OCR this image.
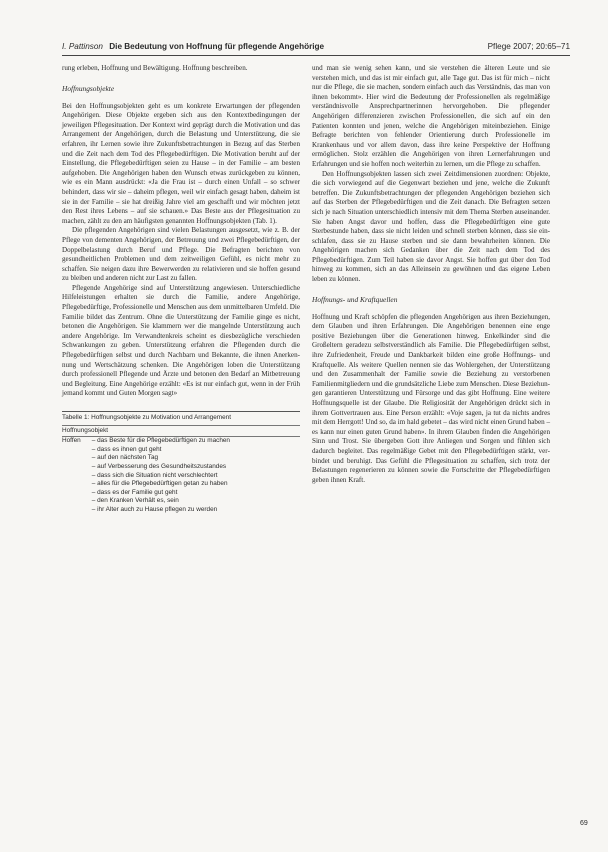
I. Pattinson Die Bedeutung von Hoffnung für pflegende Angehörige	Pflege 2007; 20:65–71

rung erleben, Hoffnung und Bewältigung. Hoffnung beschreiben.

Hoffnungsobjekte

Bei den Hoffnungsobjekten geht es um konkrete Erwartungen der pflegenden Angehörigen. Diese Objekte ergeben sich aus den Kontextbedingungen der jeweiligen Pflegesituation. Der Kontext wird geprägt durch die Motivation und das Arrangement der Angehörigen, durch die Belastung und Unterstützung, die sie erfahren, ihr Lernen sowie ihre Zukunftsbetrachtungen in Bezug auf das Sterben und die Zeit nach dem Tod des Pflegebedürftigen. Die Motivation beruht auf der Einstellung, die Pflegebedürftigen seien zu Hause – in der Familie – am besten aufgehoben. Die Angehörigen haben den Wunsch etwas zurückgeben zu können, wie es ein Mann ausdrückt: «Ja die Frau ist – durch einen Unfall – so schwer behindert, dass wir sie – daheim pflegen, weil wir einfach gesagt haben, daheim ist sie in der Familie – sie hat dreißig Jahre viel am geschafft und wir möchten jetzt den Rest ihres Lebens – auf sie schauen.» Das Beste aus der Pflegesituation zu machen, zählt zu den am häufigsten genannten Hoffnungsobjekten (Tab. 1).

Die pflegenden Angehörigen sind vielen Belastungen ausgesetzt, wie z. B. der Pflege von dementen Angehörigen, der Betreuung und zwei Pflegebedürftigen, der Doppelbelastung durch Beruf und Pflege. Die Befragten berichten von gesundheitlichen Problemen und dem zeitweiligen Gefühl, es nicht mehr zu schaffen. Sie neigen dazu ihre Bewerwerden zu relativieren und sie hoffen gesund zu bleiben und anderen nicht zur Last zu fallen.

Pflegende Angehörige sind auf Unterstützung angewiesen. Unterschiedliche Hilfeleistungen erhalten sie durch die Familie, andere Angehörige, Pflegebedürftige, Professionelle und Menschen aus dem unmittelbaren Umfeld. Die Familie bildet das Zentrum. Ohne die Unterstützung der Familie ginge es nicht, betonen die Angehörigen. Sie klammern wer die mangelnde Unterstützung auch andere Angehörige. Im Verwandtenkreis scheint es diesbezügliche verschieden Schwankungen zu geben. Unterstützung erfahren die Pflegenden durch die Pflegebedürftigen selbst und durch Nachbarn und Bekannte, die ihnen Anerkennung und Wertschätzung schenken. Die Angehörigen loben die Unterstützung durch professionell Pflegende und Ärzte und betonen den Bedarf an Mitbetreuung und Begleitung. Eine Angehörige erzählt: «Es ist nur einfach gut, wenn in der Früh jemand kommt und Guten Morgen sagt»

Tabelle 1: Hoffnungsobjekte zu Motivation und Arrangement
Hoffnungsobjekt
Hoffen – das Beste für die Pflegebedürftigen zu machen
– dass es ihnen gut geht
– auf den nächsten Tag
– auf Verbesserung des Gesundheitszustandes
– dass sich die Situation nicht verschlechtert
– alles für die Pflegebedürftigen getan zu haben
– dass es der Familie gut geht
– den Kranken Verhält es, sein
– ihr Alter auch zu Hause pflegen zu werden

und man sie wenig sehen kann, und sie verstehen die älteren Leute und sie verstehen mich, und das ist mir einfach gut, alle Tage gut. Das ist für mich – nicht nur die Pflege, die sie machen, sondern einfach auch das Verständnis, das man von ihnen bekommt». Hier wird die Bedeutung der Professionellen als regelmäßige verständnisvolle Ansprechpartnerinnen hervorgehoben. Die pflegender Angehörigen differenzieren zwischen Professionellen, die sich auf ein den Patienten konnten und jenen, welche die Angehörigen miteinbeziehen. Einige Befragte berichten von fehlender Orientierung durch Professionelle im Krankenhaus und vor allem davon, dass ihre keine Perspektive der Hoffnung ermöglichen. Stolz erzählen die Angehörigen von ihren Lernerfahrungen und Erfahrungen und sie hoffen noch weiterhin zu lernen, um die Pflege zu schaffen.

Den Hoffnungsobjekten lassen sich zwei Zeitdimensionen zuordnen: Objekte, die sich vorwiegend auf die Gegenwart beziehen und jene, welche die Zukunft betreffen. Die Zukunftsbetrachtungen der pflegenden Angehörigen beziehen sich auf das Sterben der Pflegebedürftigen und die Zeit danach. Die Befragten setzen sich je nach Situation unterschiedlich intensiv mit dem Thema Sterben auseinander. Sie haben Angst davor und hoffen, dass die Pflegebedürftigen eine gute Sterbestunde haben, dass sie nicht leiden und schnell sterben können, dass sie einschlafen, dass sie zu Hause sterben und sie dann bewahrheiten können. Die Angehörigen machen sich Gedanken über die Zeit nach dem Tod des Pflegebedürftigen. Zum Teil haben sie davor Angst. Sie hoffen gut über den Tod hinweg zu kommen, sich an das Alleinsein zu gewöhnen und das eigene Leben leben zu können.

Hoffnungs- und Kraftquellen

Hoffnung und Kraft schöpfen die pflegenden Angehörigen aus ihren Beziehungen, dem Glauben und ihren Erfahrungen. Die Angehörigen benennen eine enge positive Beziehungen über die Generationen hinweg. Enkelkinder sind die Großeltern geradezu selbstverständlich als Familie. Die Pflegebedürftigen selbst, ihre Zufriedenheit, Freude und Dankbarkeit bilden eine große Hoffnungs- und Kraftquelle. Als weitere Quellen nennen sie das Wohlergehen, der Unterstützung und den Zusammenhalt der Familie sowie die Beziehung zu verstorbenen Familienmitgliedern und die grundsätzliche Liebe zum Menschen. Diese Beziehungen garantieren Unterstützung und Fürsorge und das gibt Hoffnung. Eine weitere Hoffnungsquelle ist der Glaube. Die Religiosität der Angehörigen drückt sich in ihrem Gottvertrauen aus. Eine Person erzählt: «Voje sagen, ja tut da nichts andres mit dem Herrgott! Und so, da im hald gebetet – das wird nicht einen Grund haben – es kann nur einen guten Grund haben». In ihrem Glauben finden die Angehörigen Sinn und Trost. Sie übergeben Gott ihre Anliegen und Sorgen und fühlen sich dadurch begleitet. Das regelmäßige Gebet mit den Pflegebedürftigen stärkt, verbindet und beruhigt. Das Gefühl die Pflegesituation zu schaffen, sich trotz der Belastungen regenerieren zu können sowie die Fortschritte der Pflegebedürftigen geben ihnen Kraft.

69
